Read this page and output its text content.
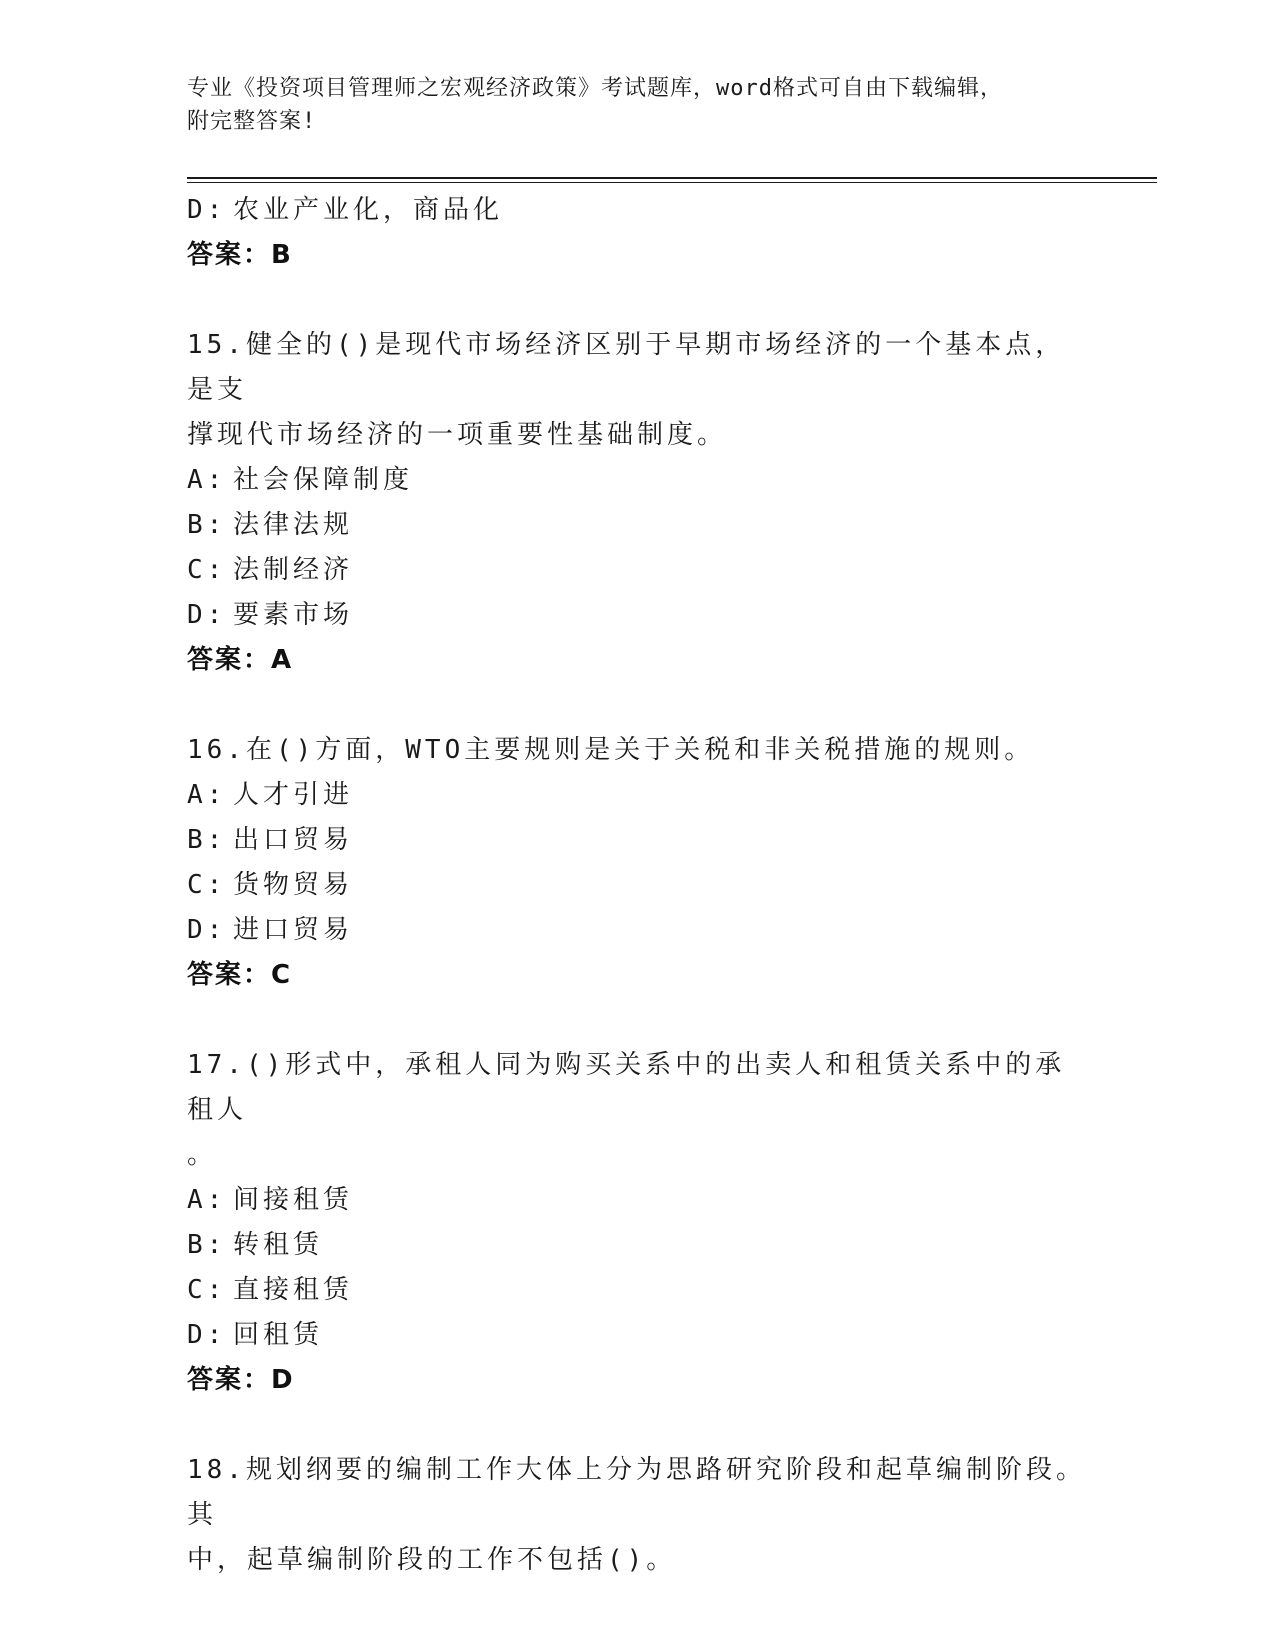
专业《投资项目管理师之宏观经济政策》考试题库，word格式可自由下载编辑，
附完整答案!
D: 农业产业化，商品化
答案：B
15.健全的()是现代市场经济区别于早期市场经济的一个基本点，是支
撑现代市场经济的一项重要性基础制度。
A: 社会保障制度
B: 法律法规
C: 法制经济
D: 要素市场
答案：A
16.在()方面，WTO主要规则是关于关税和非关税措施的规则。
A: 人才引进
B: 出口贸易
C: 货物贸易
D: 进口贸易
答案：C
17.()形式中，承租人同为购买关系中的出卖人和租赁关系中的承租人
。
A: 间接租赁
B: 转租赁
C: 直接租赁
D: 回租赁
答案：D
18.规划纲要的编制工作大体上分为思路研究阶段和起草编制阶段。其
中，起草编制阶段的工作不包括()。
